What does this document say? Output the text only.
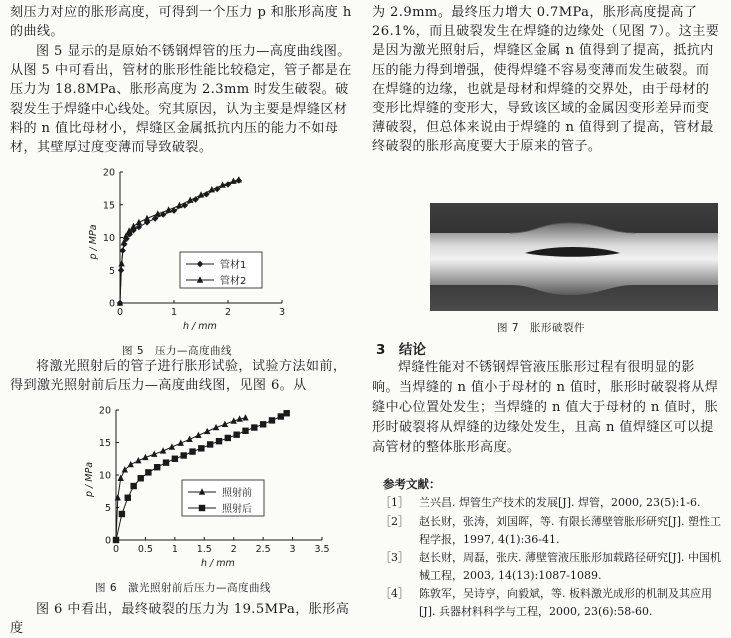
刻压力对应的胀形高度，可得到一个压力 p 和胀形高度 h 的曲线。

图 5 显示的是原始不锈钢焊管的压力—高度曲线图。从图 5 中可看出，管材的胀形性能比较稳定，管子都是在压力为 18.8MPa、胀形高度为 2.3mm 时发生破裂。破裂发生于焊缝中心线处。究其原因，认为主要是焊缝区材料的 n 值比母材小，焊缝区金属抵抗内压的能力不如母材，其壁厚过度变薄而导致破裂。

0
5
10
15
20
0	1	2	3
h / mm
p / MPa
管材1
管材2
图 5　压力—高度曲线

将激光照射后的管子进行胀形试验，试验方法如前，得到激光照射前后压力—高度曲线图，见图 6。从

0
5
10
15
20
0 0.5 1 1.5 2 2.5 3 3.5
h / mm
p / MPa	照射前
照射后
图 6　激光照射前后压力—高度曲线

图 6 中看出，最终破裂的压力为 19.5MPa，胀形高度

为 2.9mm。最终压力增大 0.7MPa，胀形高度提高了 26.1%，而且破裂发生在焊缝的边缘处（见图 7）。这主要是因为激光照射后，焊缝区金属 n 值得到了提高，抵抗内压的能力得到增强，使得焊缝不容易变薄而发生破裂。而在焊缝的边缘，也就是母材和焊缝的交界处，由于母材的变形比焊缝的变形大，导致该区域的金属因变形差异而变薄破裂，但总体来说由于焊缝的 n 值得到了提高，管材最终破裂的胀形高度要大于原来的管子。

图 7　胀形破裂件
3　结论

焊缝性能对不锈钢焊管液压胀形过程有很明显的影响。当焊缝的 n 值小于母材的 n 值时，胀形时破裂将从焊缝中心位置处发生；当焊缝的 n 值大于母材的 n 值时，胀形时破裂将从焊缝的边缘处发生，且高 n 值焊缝区可以提高管材的整体胀形高度。

参考文献：
［1］ 兰兴昌. 焊管生产技术的发展[J]. 焊管，2000, 23(5):1-6.
［2］ 赵长财，张涛，刘国晖，等. 有限长薄壁管胀形研究[J]. 塑性工程学报，1997, 4(1):36-41.
［3］ 赵长财，周磊，张庆. 薄壁管液压胀形加载路径研究[J]. 中国机械工程，2003, 14(13):1087-1089.
［4］ 陈敦军，吴诗亨，向毅斌，等. 板料激光成形的机制及其应用[J]. 兵器材料科学与工程，2000, 23(6):58-60.
